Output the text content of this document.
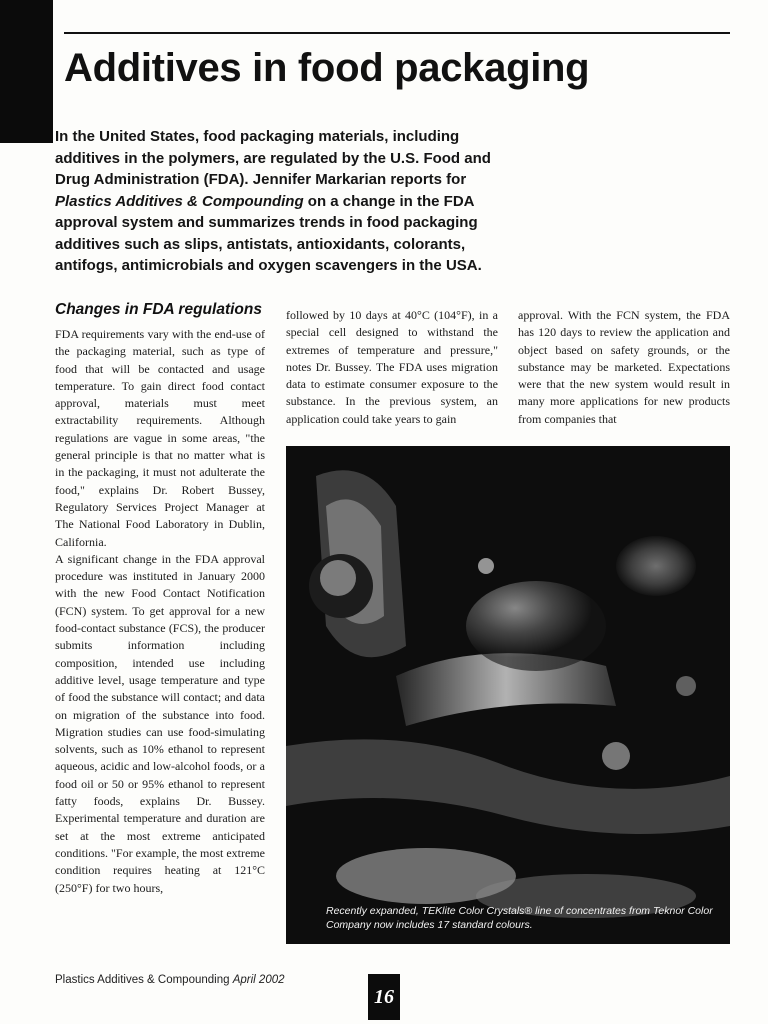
Additives in food packaging

In the United States, food packaging materials, including additives in the polymers, are regulated by the U.S. Food and Drug Administration (FDA). Jennifer Markarian reports for Plastics Additives & Compounding on a change in the FDA approval system and summarizes trends in food packaging additives such as slips, antistats, antioxidants, colorants, antifogs, antimicrobials and oxygen scavengers in the USA.

Changes in FDA regulations

FDA requirements vary with the end-use of the packaging material, such as type of food that will be contacted and usage temperature. To gain direct food contact approval, materials must meet extractability requirements. Although regulations are vague in some areas, "the general principle is that no matter what is in the packaging, it must not adulterate the food," explains Dr. Robert Bussey, Regulatory Services Project Manager at The National Food Laboratory in Dublin, California.

A significant change in the FDA approval procedure was instituted in January 2000 with the new Food Contact Notification (FCN) system. To get approval for a new food-contact substance (FCS), the producer submits information including composition, intended use including additive level, usage temperature and type of food the substance will contact; and data on migration of the substance into food. Migration studies can use food-simulating solvents, such as 10% ethanol to represent aqueous, acidic and low-alcohol foods, or a food oil or 50 or 95% ethanol to represent fatty foods, explains Dr. Bussey. Experimental temperature and duration are set at the most extreme anticipated conditions. "For example, the most extreme condition requires heating at 121°C (250°F) for two hours,

followed by 10 days at 40°C (104°F), in a special cell designed to withstand the extremes of temperature and pressure," notes Dr. Bussey. The FDA uses migration data to estimate consumer exposure to the substance. In the previous system, an application could take years to gain

approval. With the FCN system, the FDA has 120 days to review the application and object based on safety grounds, or the substance may be marketed. Expectations were that the new system would result in many more applications for new products from companies that

Recently expanded, TEKlite Color Crystals® line of concentrates from Teknor Color Company now includes 17 standard colours.

Plastics Additives & Compounding April 2002

16
